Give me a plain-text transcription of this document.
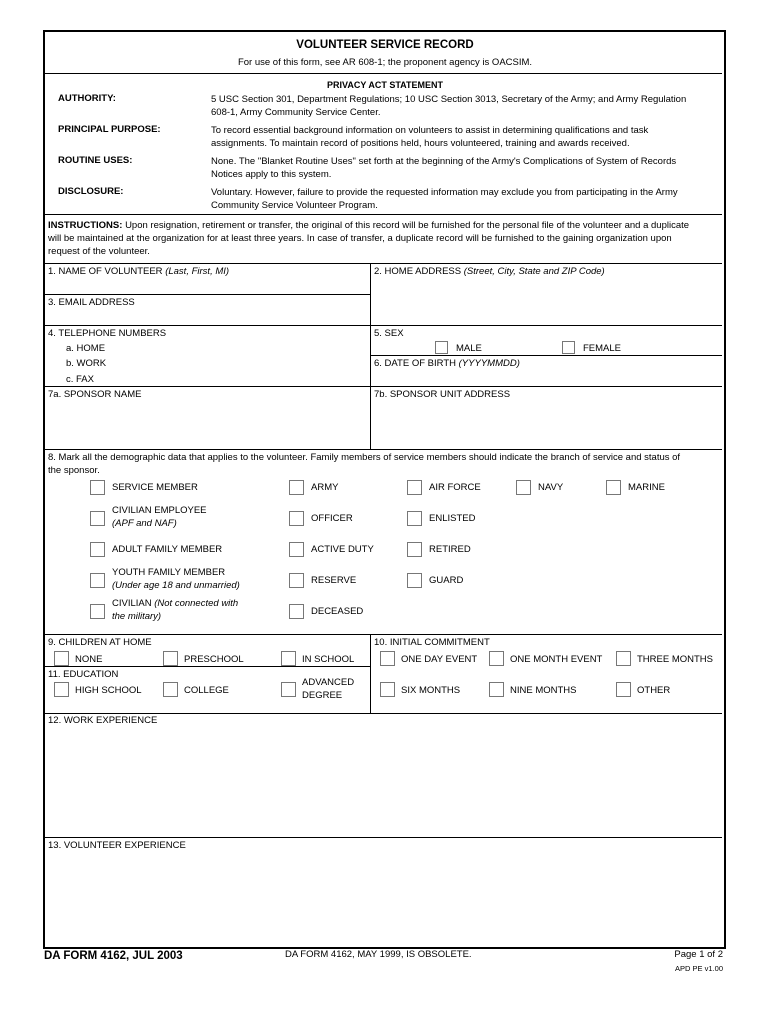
VOLUNTEER SERVICE RECORD
For use of this form, see AR 608-1; the proponent agency is OACSIM.
PRIVACY ACT STATEMENT
AUTHORITY:	5 USC Section 301, Department Regulations; 10 USC Section 3013, Secretary of the Army; and Army Regulation
608-1, Army Community Service Center.
PRINCIPAL PURPOSE:	To record essential background information on volunteers to assist in determining qualifications and task
assignments. To maintain record of positions held, hours volunteered, training and awards received.
ROUTINE USES:	None. The "Blanket Routine Uses" set forth at the beginning of the Army's Complications of System of Records
Notices apply to this system.
DISCLOSURE:	Voluntary. However, failure to provide the requested information may exclude you from participating in the Army
Community Service Volunteer Program.
INSTRUCTIONS: Upon resignation, retirement or transfer, the original of this record will be furnished for the personal file of the volunteer and a duplicate
will be maintained at the organization for at least three years. In case of transfer, a duplicate record will be furnished to the gaining organization upon
request of the volunteer.
1. NAME OF VOLUNTEER (Last, First, MI)	2. HOME ADDRESS (Street, City, State and ZIP Code)
3. EMAIL ADDRESS
4. TELEPHONE NUMBERS
a. HOME
b. WORK
c. FAX
5. SEX
MALE	FEMALE
6. DATE OF BIRTH (YYYYMMDD)
7a. SPONSOR NAME	7b. SPONSOR UNIT ADDRESS
8. Mark all the demographic data that applies to the volunteer. Family members of service members should indicate the branch of service and status of
the sponsor.
SERVICE MEMBER	ARMY	AIR FORCE	NAVY	MARINE
CIVILIAN EMPLOYEE
(APF and NAF)	OFFICER	ENLISTED
ADULT FAMILY MEMBER	ACTIVE DUTY	RETIRED
YOUTH FAMILY MEMBER
(Under age 18 and unmarried)	RESERVE	GUARD
CIVILIAN (Not connected with
the military)	DECEASED
9. CHILDREN AT HOME
NONE	PRESCHOOL	IN SCHOOL
11. EDUCATION
HIGH SCHOOL	COLLEGE
ADVANCED
DEGREE
10. INITIAL COMMITMENT
ONE DAY EVENT	ONE MONTH EVENT	THREE MONTHS
SIX MONTHS	NINE MONTHS	OTHER
12. WORK EXPERIENCE
13. VOLUNTEER EXPERIENCE
DA FORM 4162, JUL 2003	DA FORM 4162, MAY 1999, IS OBSOLETE.	Page 1 of 2
APD PE v1.00
